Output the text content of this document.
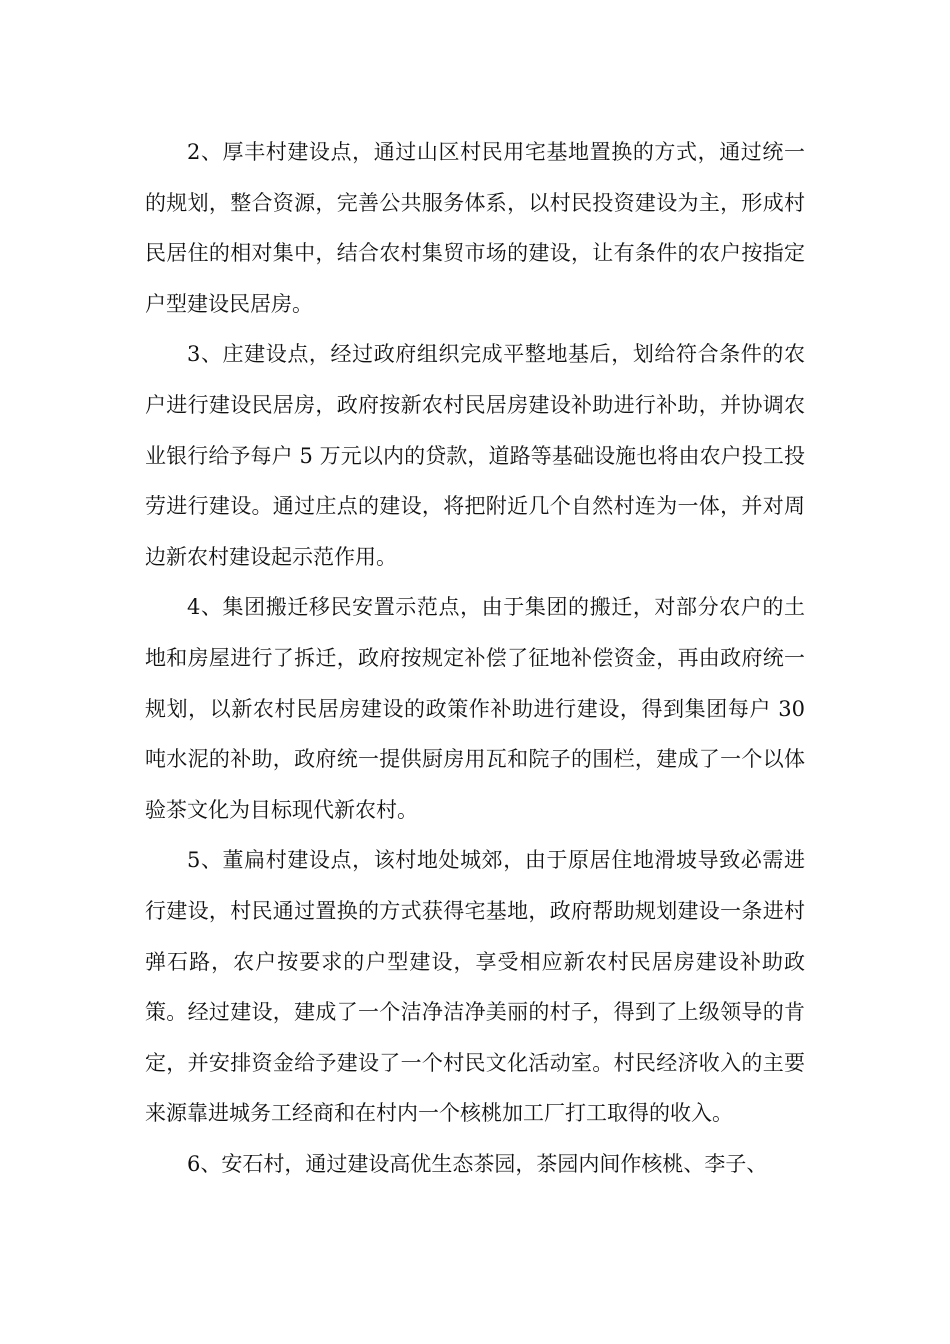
2、厚丰村建设点，通过山区村民用宅基地置换的方式，通过统一的规划，整合资源，完善公共服务体系，以村民投资建设为主，形成村民居住的相对集中，结合农村集贸市场的建设，让有条件的农户按指定户型建设民居房。

3、庄建设点，经过政府组织完成平整地基后，划给符合条件的农户进行建设民居房，政府按新农村民居房建设补助进行补助，并协调农业银行给予每户 5 万元以内的贷款，道路等基础设施也将由农户投工投劳进行建设。通过庄点的建设，将把附近几个自然村连为一体，并对周边新农村建设起示范作用。

4、集团搬迁移民安置示范点，由于集团的搬迁，对部分农户的土地和房屋进行了拆迁，政府按规定补偿了征地补偿资金，再由政府统一规划，以新农村民居房建设的政策作补助进行建设，得到集团每户 30 吨水泥的补助，政府统一提供厨房用瓦和院子的围栏，建成了一个以体验茶文化为目标现代新农村。

5、董扁村建设点，该村地处城郊，由于原居住地滑坡导致必需进行建设，村民通过置换的方式获得宅基地，政府帮助规划建设一条进村弹石路，农户按要求的户型建设，享受相应新农村民居房建设补助政策。经过建设，建成了一个洁净洁净美丽的村子，得到了上级领导的肯定，并安排资金给予建设了一个村民文化活动室。村民经济收入的主要来源靠进城务工经商和在村内一个核桃加工厂打工取得的收入。

6、安石村，通过建设高优生态茶园，茶园内间作核桃、李子、
